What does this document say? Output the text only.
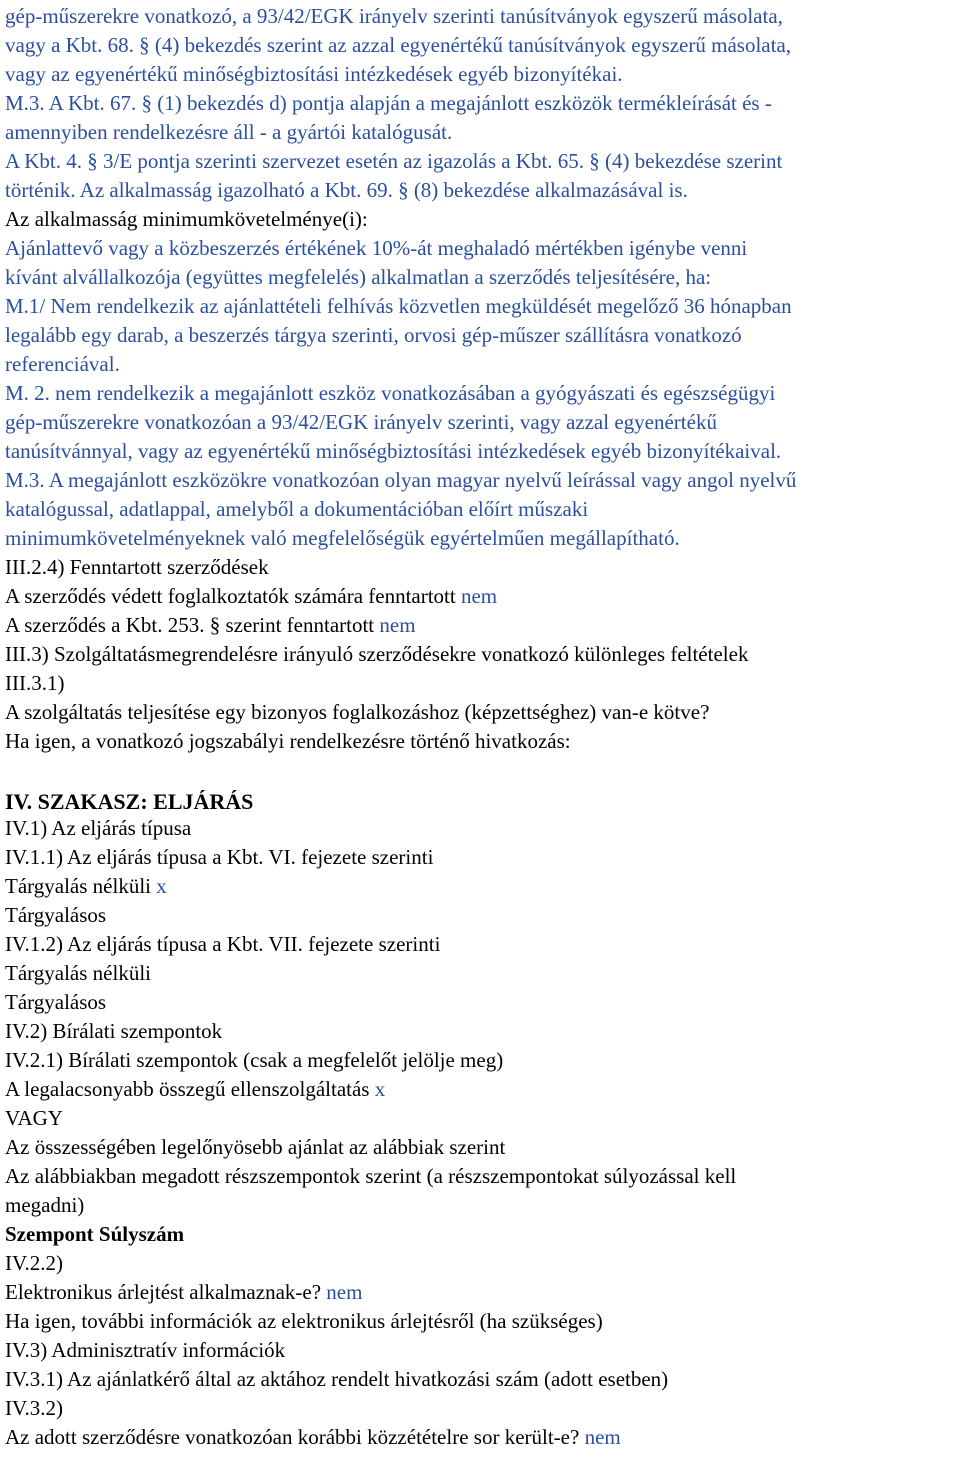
gép-műszerekre vonatkozó, a 93/42/EGK irányelv szerinti tanúsítványok egyszerű másolata,
vagy a Kbt. 68. § (4) bekezdés szerint az azzal egyenértékű tanúsítványok egyszerű másolata,
vagy az egyenértékű minőségbiztosítási intézkedések egyéb bizonyítékai.
M.3. A Kbt. 67. § (1) bekezdés d) pontja alapján a megajánlott eszközök termékleírását és -
amennyiben rendelkezésre áll - a gyártói katalógusát.
A Kbt. 4. § 3/E pontja szerinti szervezet esetén az igazolás a Kbt. 65. § (4) bekezdése szerint
történik. Az alkalmasság igazolható a Kbt. 69. § (8) bekezdése alkalmazásával is.
Az alkalmasság minimumkövetelménye(i):
Ajánlattevő vagy a közbeszerzés értékének 10%-át meghaladó mértékben igénybe venni
kívánt alvállalkozója (együttes megfelelés) alkalmatlan a szerződés teljesítésére, ha:
M.1/ Nem rendelkezik az ajánlattételi felhívás közvetlen megküldését megelőző 36 hónapban
legalább egy darab, a beszerzés tárgya szerinti, orvosi gép-műszer szállításra vonatkozó
referenciával.
M. 2. nem rendelkezik a megajánlott eszköz vonatkozásában a gyógyászati és egészségügyi
gép-műszerekre vonatkozóan a 93/42/EGK irányelv szerinti, vagy azzal egyenértékű
tanúsítvánnyal, vagy az egyenértékű minőségbiztosítási intézkedések egyéb bizonyítékaival.
M.3. A megajánlott eszközökre vonatkozóan olyan magyar nyelvű leírással vagy angol nyelvű
katalógussal, adatlappal, amelyből a dokumentációban előírt műszaki
minimumkövetelményeknek való megfelelőségük egyértelműen megállapítható.
III.2.4) Fenntartott szerződések
A szerződés védett foglalkoztatók számára fenntartott nem
A szerződés a Kbt. 253. § szerint fenntartott nem
III.3) Szolgáltatásmegrendelésre irányuló szerződésekre vonatkozó különleges feltételek
III.3.1)
A szolgáltatás teljesítése egy bizonyos foglalkozáshoz (képzettséghez) van-e kötve?
Ha igen, a vonatkozó jogszabályi rendelkezésre történő hivatkozás:
IV. SZAKASZ: ELJÁRÁS
IV.1) Az eljárás típusa
IV.1.1) Az eljárás típusa a Kbt. VI. fejezete szerinti
Tárgyalás nélküli x
Tárgyalásos
IV.1.2) Az eljárás típusa a Kbt. VII. fejezete szerinti
Tárgyalás nélküli
Tárgyalásos
IV.2) Bírálati szempontok
IV.2.1) Bírálati szempontok (csak a megfelelőt jelölje meg)
A legalacsonyabb összegű ellenszolgáltatás x
VAGY
Az összességében legelőnyösebb ajánlat az alábbiak szerint
Az alábbiakban megadott részszempontok szerint (a részszempontokat súlyozással kell
megadni)
Szempont Súlyszám
IV.2.2)
Elektronikus árlejtést alkalmaznak-e? nem
Ha igen, további információk az elektronikus árlejtésről (ha szükséges)
IV.3) Adminisztratív információk
IV.3.1) Az ajánlatkérő által az aktához rendelt hivatkozási szám (adott esetben)
IV.3.2)
Az adott szerződésre vonatkozóan korábbi közzétételre sor került-e? nem
